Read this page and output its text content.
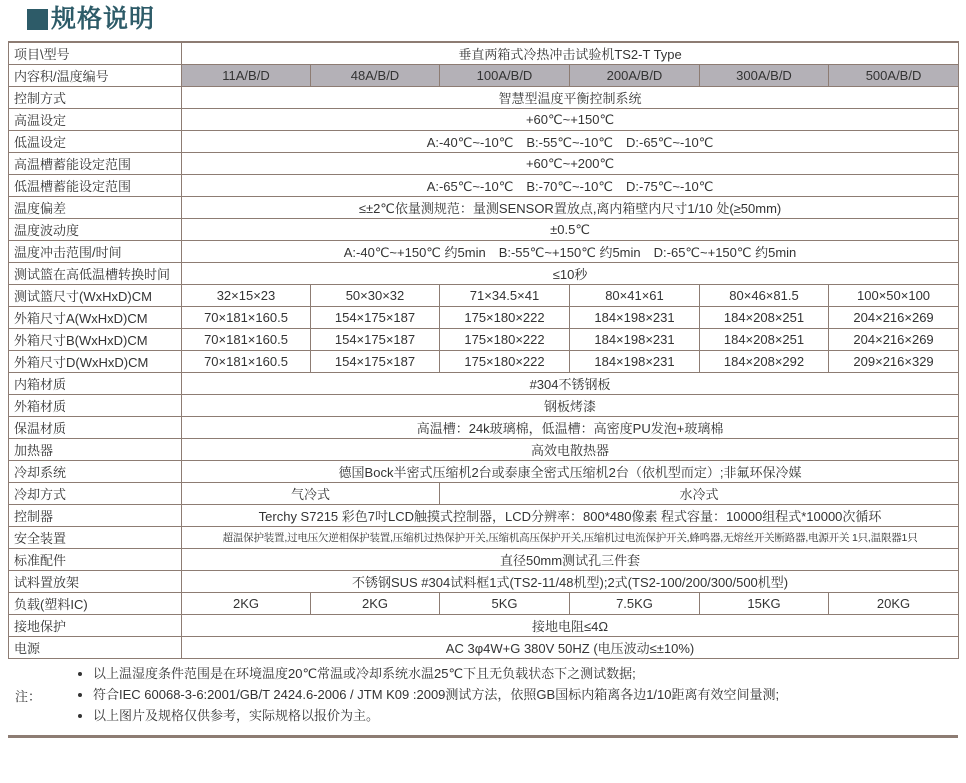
规格说明
项目\型号	垂直两箱式冷热冲击试验机TS2-T Type					
内容积/温度编号	11A/B/D	48A/B/D	100A/B/D	200A/B/D	300A/B/D	500A/B/D
控制方式	智慧型温度平衡控制系统					
高温设定	+60℃~+150℃					
低温设定	A:-40℃~-10℃　B:-55℃~-10℃　D:-65℃~-10℃					
高温槽蓄能设定范围	+60℃~+200℃					
低温槽蓄能设定范围	A:-65℃~-10℃　B:-70℃~-10℃　D:-75℃~-10℃					
温度偏差	≤±2℃依量测规范：量测SENSOR置放点,离内箱壁内尺寸1/10 处(≥50mm)					
温度波动度	±0.5℃					
温度冲击范围/时间	A:-40℃~+150℃ 约5min　B:-55℃~+150℃ 约5min　D:-65℃~+150℃ 约5min					
测试篮在高低温槽转换时间	≤10秒					
测试篮尺寸(WxHxD)CM	32×15×23	50×30×32	71×34.5×41	80×41×61	80×46×81.5	100×50×100
外箱尺寸A(WxHxD)CM	70×181×160.5	154×175×187	175×180×222	184×198×231	184×208×251	204×216×269
外箱尺寸B(WxHxD)CM	70×181×160.5	154×175×187	175×180×222	184×198×231	184×208×251	204×216×269
外箱尺寸D(WxHxD)CM	70×181×160.5	154×175×187	175×180×222	184×198×231	184×208×292	209×216×329
内箱材质	#304不锈钢板					
外箱材质	钢板烤漆					
保温材质	高温槽：24k玻璃棉，低温槽：高密度PU发泡+玻璃棉					
加热器	高效电散热器					
冷却系统	德国Bock半密式压缩机2台或泰康全密式压缩机2台（依机型而定）;非氟环保冷媒					
冷却方式	气冷式		水冷式			
控制器	Terchy S7215 彩色7吋LCD触摸式控制器，LCD分辨率：800*480像素 程式容量：10000组程式*10000次循环					
安全装置	超温保护装置,过电压欠逆相保护装置,压缩机过热保护开关,压缩机高压保护开关,压缩机过电流保护开关,蜂鸣器,无熔丝开关断路器,电源开关 1只,温限器1只					
标准配件	直径50mm测试孔三件套					
试料置放架	不锈钢SUS #304试料框1式(TS2-11/48机型);2式(TS2-100/200/300/500机型)					
负载(塑料IC)	2KG	2KG	5KG	7.5KG	15KG	20KG
接地保护	接地电阻≤4Ω					
电源	AC 3φ4W+G 380V 50HZ (电压波动≤±10%)					
注：
• 以上温湿度条件范围是在环境温度20℃常温或冷却系统水温25℃下且无负载状态下之测试数据;
• 符合IEC 60068-3-6:2001/GB/T 2424.6-2006 / JTM K09 :2009测试方法，依照GB国标内箱离各边1/10距离有效空间量测;
• 以上图片及规格仅供参考，实际规格以报价为主。
